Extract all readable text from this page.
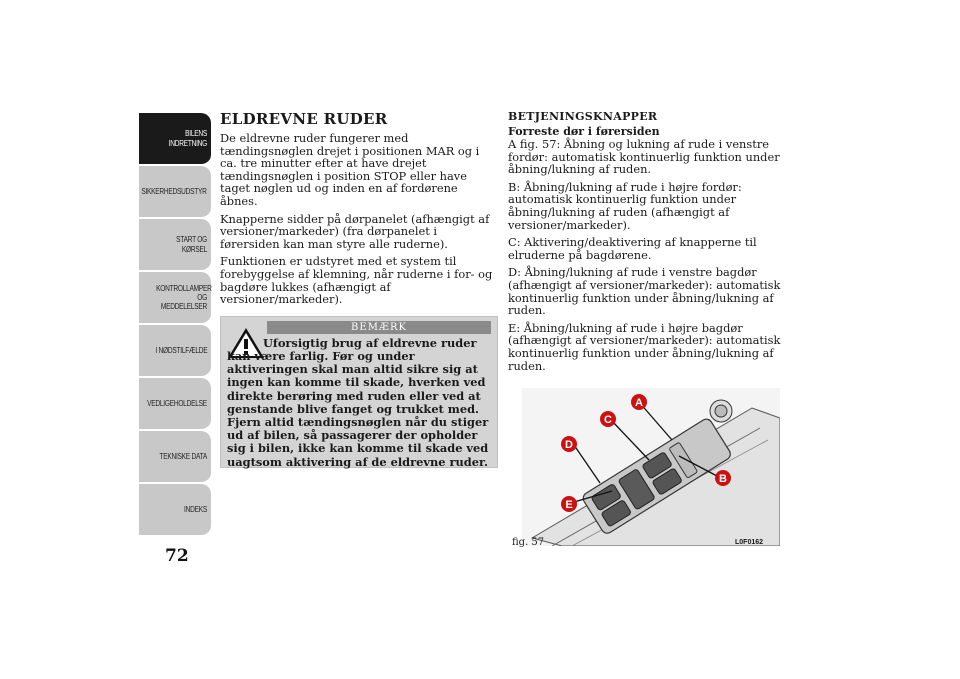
BILENS INDRETNING
SIKKERHEDSUDSTYR
START OG KØRSEL
KONTROLLAMPER OG MEDDELELSER
I NØDSTILFÆLDE
VEDLIGEHOLDELSE
TEKNISKE DATA
INDEKS
72
ELDREVNE RUDER

De eldrevne ruder fungerer med tændingsnøglen drejet i positionen MAR og i ca. tre minutter efter at have drejet tændingsnøglen i position STOP eller have taget nøglen ud og inden en af fordørene åbnes.

Knapperne sidder på dørpanelet (afhængigt af versioner/markeder) (fra dørpanelet i førersiden kan man styre alle ruderne).

Funktionen er udstyret med et system til forebyggelse af klemning, når ruderne i for- og bagdøre lukkes (afhængigt af versioner/markeder).

BEMÆRK
Uforsigtig brug af eldrevne ruder kan være farlig. Før og under aktiveringen skal man altid sikre sig at ingen kan komme til skade, hverken ved direkte berøring med ruden eller ved at genstande blive fanget og trukket med. Fjern altid tændingsnøglen når du stiger ud af bilen, så passagerer der opholder sig i bilen, ikke kan komme til skade ved uagtsom aktivering af de eldrevne ruder.
BETJENINGSKNAPPER
Forreste dør i førersiden

A fig. 57: Åbning og lukning af rude i venstre fordør: automatisk kontinuerlig funktion under åbning/lukning af ruden.

B: Åbning/lukning af rude i højre fordør: automatisk kontinuerlig funktion under åbning/lukning af ruden (afhængigt af versioner/markeder).

C: Aktivering/deaktivering af knapperne til elruderne på bagdørene.

D: Åbning/lukning af rude i venstre bagdør (afhængigt af versioner/markeder): automatisk kontinuerlig funktion under åbning/lukning af ruden.

E: Åbning/lukning af rude i højre bagdør (afhængigt af versioner/markeder): automatisk kontinuerlig funktion under åbning/lukning af ruden.

A
C
D
B
E
fig. 57	L0F0162
